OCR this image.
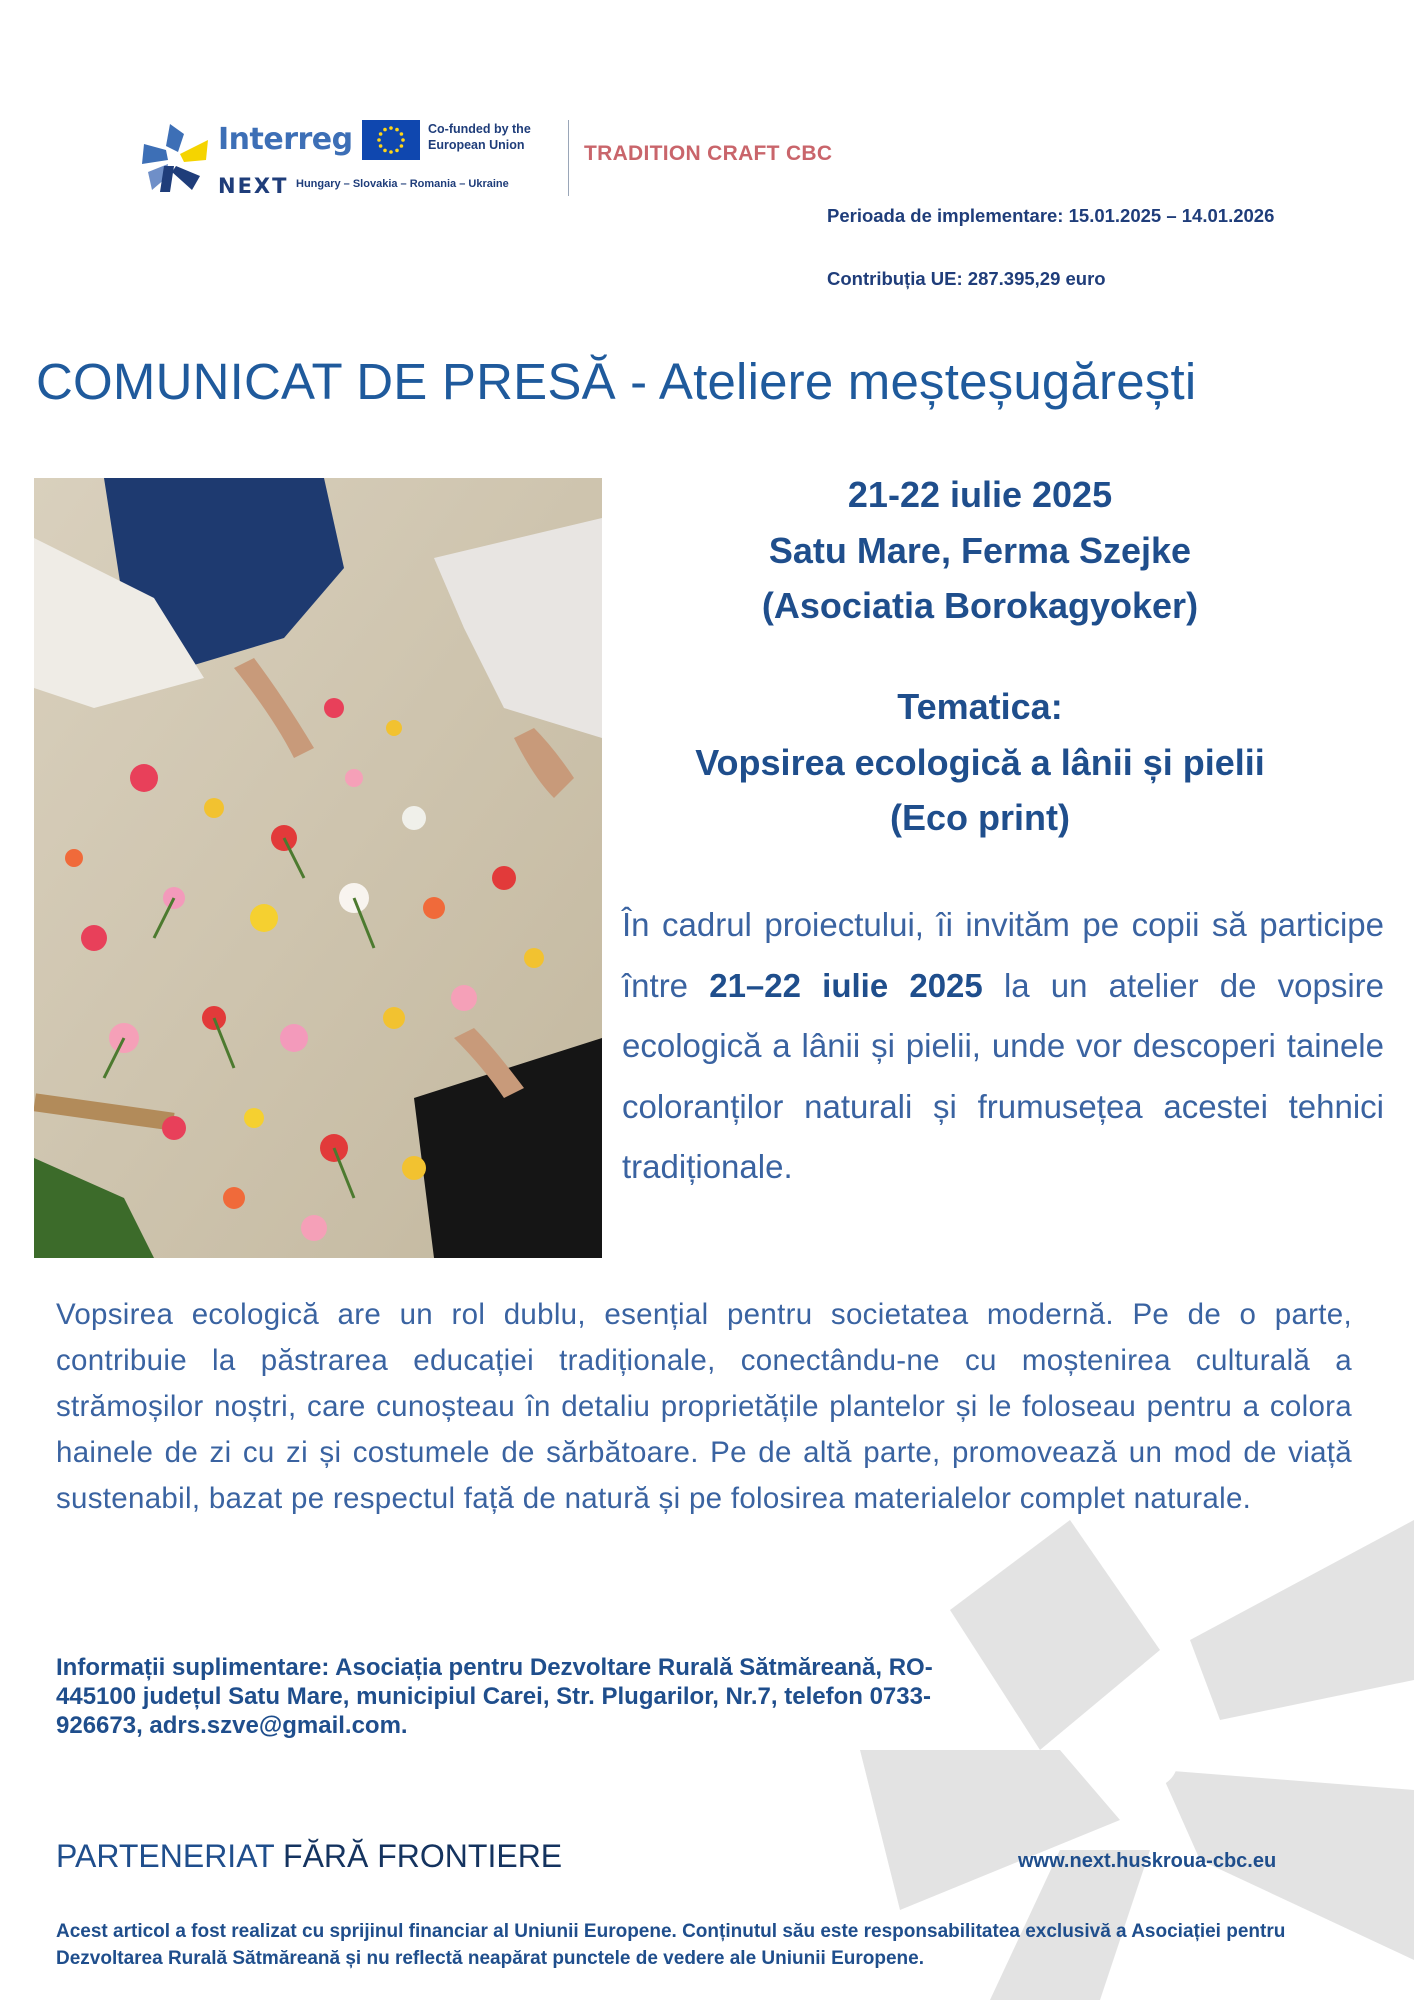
Interreg
NEXT
Co-funded by the European Union
Hungary – Slovakia – Romania – Ukraine
TRADITION CRAFT CBC
Perioada de implementare: 15.01.2025 – 14.01.2026
Contribuția UE: 287.395,29 euro
COMUNICAT DE PRESĂ - Ateliere meșteșugărești
21-22 iulie 2025
Satu Mare, Ferma Szejke
(Asociatia Borokagyoker)
Tematica:
Vopsirea ecologică a lânii și pielii
(Eco print)
În cadrul proiectului, îi invităm pe copii să participe între 21–22 iulie 2025 la un atelier de vopsire ecologică a lânii și pielii, unde vor descoperi tainele coloranților naturali și frumusețea acestei tehnici tradiționale.
Vopsirea ecologică are un rol dublu, esențial pentru societatea modernă. Pe de o parte, contribuie la păstrarea educației tradiționale, conectându-ne cu moștenirea culturală a strămoșilor noștri, care cunoșteau în detaliu proprietățile plantelor și le foloseau pentru a colora hainele de zi cu zi și costumele de sărbătoare. Pe de altă parte, promovează un mod de viață sustenabil, bazat pe respectul față de natură și pe folosirea materialelor complet naturale.
Informații suplimentare: Asociația pentru Dezvoltare Rurală Sătmăreană, RO-445100 județul Satu Mare, municipiul Carei, Str. Plugarilor, Nr.7, telefon 0733-926673, adrs.szve@gmail.com.
PARTENERIAT FĂRĂ FRONTIERE	www.next.huskroua-cbc.eu
Acest articol a fost realizat cu sprijinul financiar al Uniunii Europene. Conținutul său este responsabilitatea exclusivă a Asociației pentru Dezvoltarea Rurală Sătmăreană și nu reflectă neapărat punctele de vedere ale Uniunii Europene.
